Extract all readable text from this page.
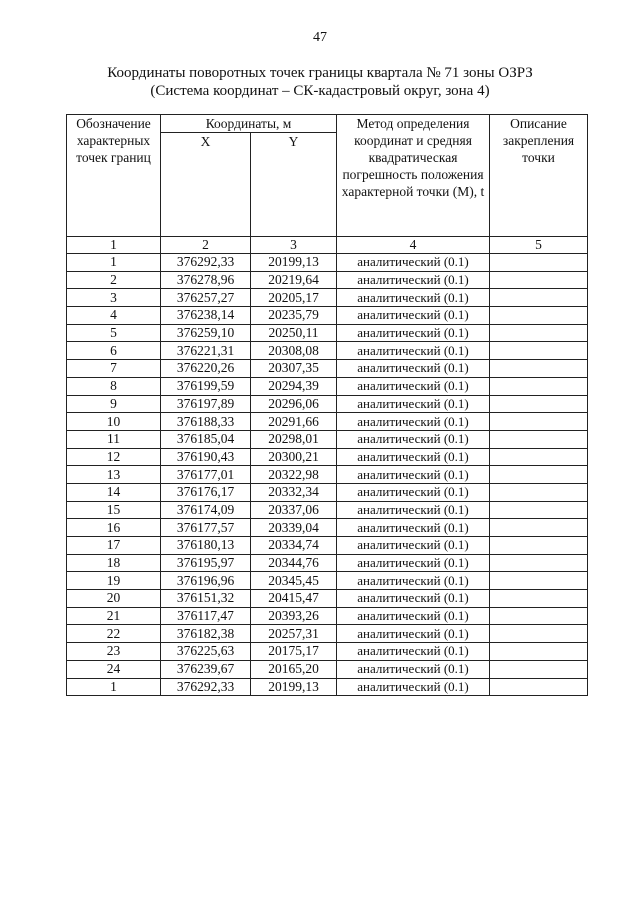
47
Координаты поворотных точек границы квартала № 71 зоны ОЗРЗ
(Система координат – СК-кадастровый округ, зона 4)
Обозначение характерных точек границ	Координаты, м		Метод определения координат и средняя квадратическая погрешность положения характерной точки (М), t	Описание закрепления точки
	X	Y		
1	2	3	4	5
1	376292,33	20199,13	аналитический (0.1)	
2	376278,96	20219,64	аналитический (0.1)	
3	376257,27	20205,17	аналитический (0.1)	
4	376238,14	20235,79	аналитический (0.1)	
5	376259,10	20250,11	аналитический (0.1)	
6	376221,31	20308,08	аналитический (0.1)	
7	376220,26	20307,35	аналитический (0.1)	
8	376199,59	20294,39	аналитический (0.1)	
9	376197,89	20296,06	аналитический (0.1)	
10	376188,33	20291,66	аналитический (0.1)	
11	376185,04	20298,01	аналитический (0.1)	
12	376190,43	20300,21	аналитический (0.1)	
13	376177,01	20322,98	аналитический (0.1)	
14	376176,17	20332,34	аналитический (0.1)	
15	376174,09	20337,06	аналитический (0.1)	
16	376177,57	20339,04	аналитический (0.1)	
17	376180,13	20334,74	аналитический (0.1)	
18	376195,97	20344,76	аналитический (0.1)	
19	376196,96	20345,45	аналитический (0.1)	
20	376151,32	20415,47	аналитический (0.1)	
21	376117,47	20393,26	аналитический (0.1)	
22	376182,38	20257,31	аналитический (0.1)	
23	376225,63	20175,17	аналитический (0.1)	
24	376239,67	20165,20	аналитический (0.1)	
1	376292,33	20199,13	аналитический (0.1)	
